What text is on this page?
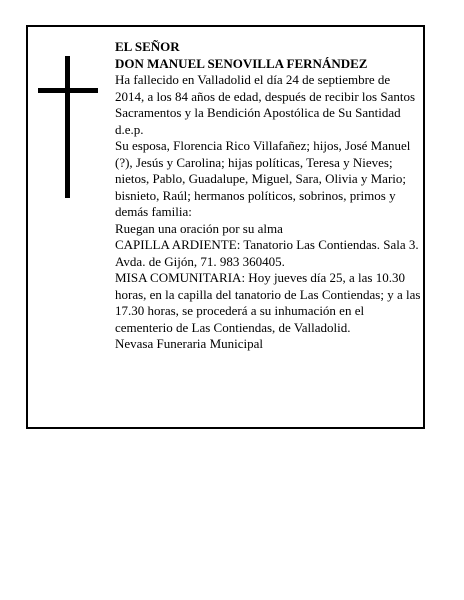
EL SEÑOR

DON MANUEL SENOVILLA FERNÁNDEZ

Ha fallecido en Valladolid el día 24 de septiembre de 2014, a los 84 años de edad, después de recibir los Santos Sacramentos y la Bendición Apostólica de Su Santidad

d.e.p.

Su esposa, Florencia Rico Villafañez; hijos, José Manuel (?), Jesús y Carolina; hijas políticas, Teresa y Nieves; nietos, Pablo, Guadalupe, Miguel, Sara, Olivia y Mario; bisnieto, Raúl; hermanos políticos, sobrinos, primos y demás familia:

Ruegan una oración por su alma

CAPILLA ARDIENTE: Tanatorio Las Contiendas. Sala 3. Avda. de Gijón, 71. 983 360405.

MISA COMUNITARIA: Hoy jueves día 25, a las 10.30 horas, en la capilla del tanatorio de Las Contiendas; y a las 17.30 horas, se procederá a su inhumación en el cementerio de Las Contiendas, de Valladolid.

Nevasa Funeraria Municipal
